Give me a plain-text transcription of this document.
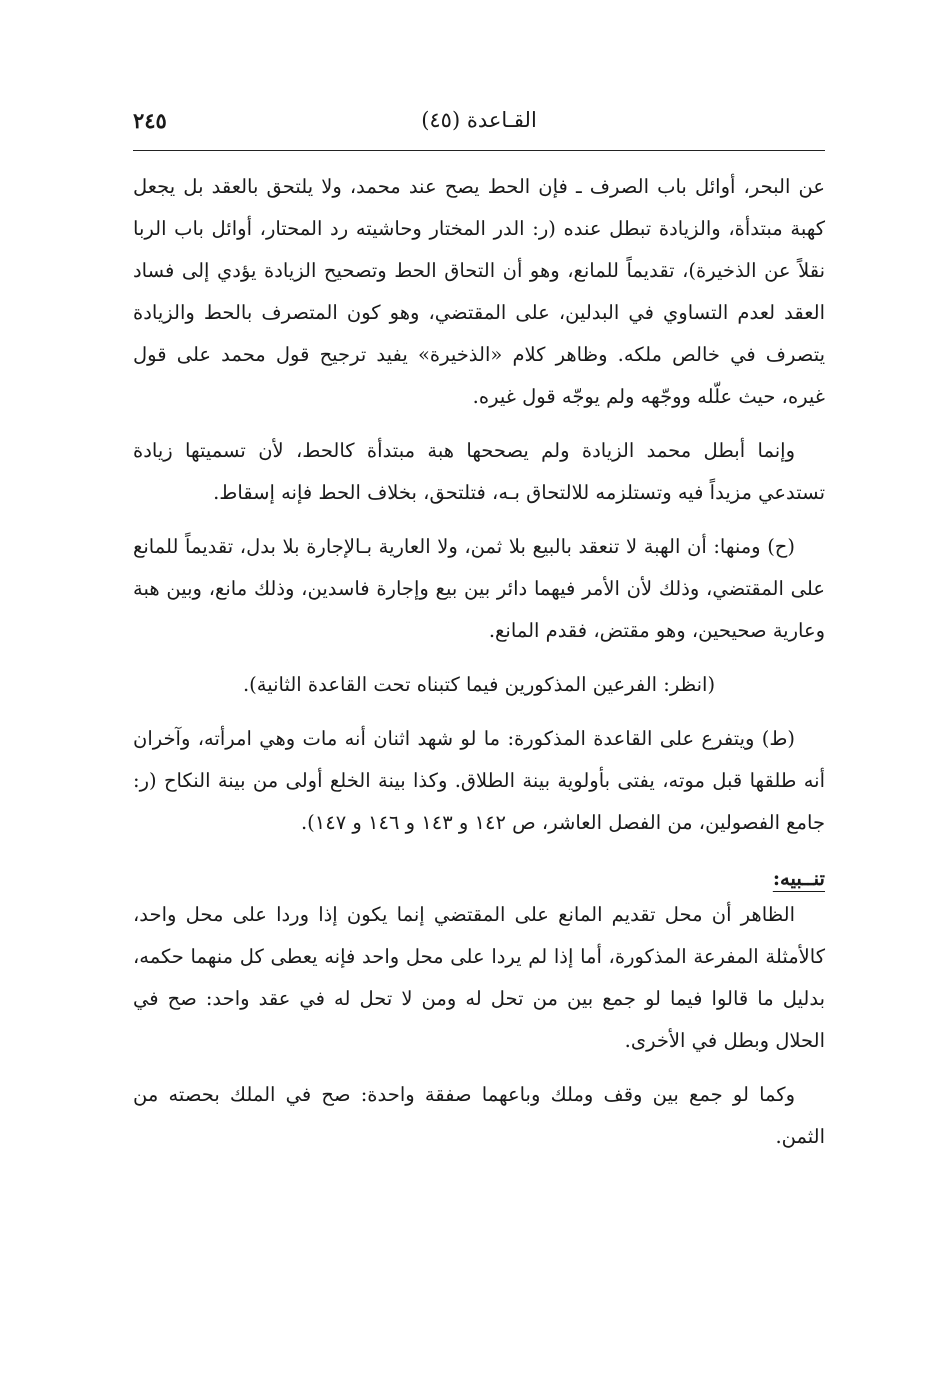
٢٤٥	القـاعدة (٤٥)

عن البحر، أوائل باب الصرف ـ فإن الحط يصح عند محمد، ولا يلتحق بالعقد بل يجعل كهبة مبتدأة، والزيادة تبطل عنده (ر: الدر المختار وحاشيته رد المحتار، أوائل باب الربا نقلاً عن الذخيرة)، تقديماً للمانع، وهو أن التحاق الحط وتصحيح الزيادة يؤدي إلى فساد العقد لعدم التساوي في البدلين، على المقتضي، وهو كون المتصرف بالحط والزيادة يتصرف في خالص ملكه. وظاهر كلام «الذخيرة» يفيد ترجيح قول محمد على قول غيره، حيث علّله ووجّهه ولم يوجّه قول غيره.

وإنما أبطل محمد الزيادة ولم يصححها هبة مبتدأة كالحط، لأن تسميتها زيادة تستدعي مزيداً فيه وتستلزمه للالتحاق بـه، فتلتحق، بخلاف الحط فإنه إسقاط.

(ح) ومنها: أن الهبة لا تنعقد بالبيع بلا ثمن، ولا العارية بـالإجارة بلا بدل، تقديماً للمانع على المقتضي، وذلك لأن الأمر فيهما دائر بين بيع وإجارة فاسدين، وذلك مانع، وبين هبة وعارية صحيحين، وهو مقتض، فقدم المانع.

(انظر: الفرعين المذكورين فيما كتبناه تحت القاعدة الثانية).

(ط) ويتفرع على القاعدة المذكورة: ما لو شهد اثنان أنه مات وهي امرأته، وآخران أنه طلقها قبل موته، يفتى بأولوية بينة الطلاق. وكذا بينة الخلع أولى من بينة النكاح (ر: جامع الفصولين، من الفصل العاشر، ص ١٤٢ و ١٤٣ و ١٤٦ و ١٤٧).

تنــبيه:

الظاهر أن محل تقديم المانع على المقتضي إنما يكون إذا وردا على محل واحد، كالأمثلة المفرعة المذكورة، أما إذا لم يردا على محل واحد فإنه يعطى كل منهما حكمه، بدليل ما قالوا فيما لو جمع بين من تحل له ومن لا تحل له في عقد واحد: صح في الحلال وبطل في الأخرى.

وكما لو جمع بين وقف وملك وباعهما صفقة واحدة: صح في الملك بحصته من الثمن.
